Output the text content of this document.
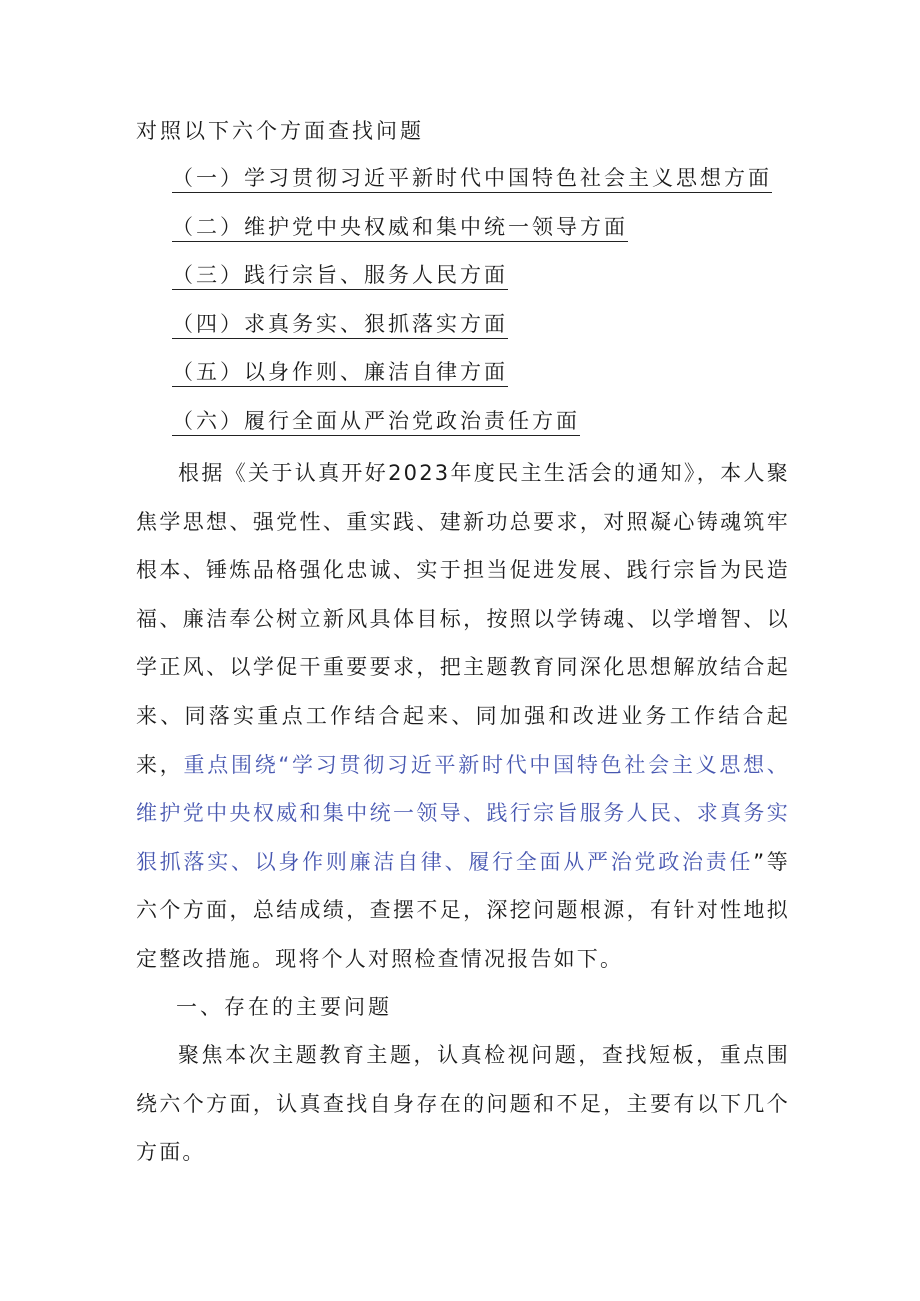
对照以下六个方面查找问题
（一）学习贯彻习近平新时代中国特色社会主义思想方面
（二）维护党中央权威和集中统一领导方面
（三）践行宗旨、服务人民方面
（四）求真务实、狠抓落实方面
（五）以身作则、廉洁自律方面
（六）履行全面从严治党政治责任方面

根据《关于认真开好2023年度民主生活会的通知》，本人聚焦学思想、强党性、重实践、建新功总要求，对照凝心铸魂筑牢根本、锤炼品格强化忠诚、实于担当促进发展、践行宗旨为民造福、廉洁奉公树立新风具体目标，按照以学铸魂、以学增智、以学正风、以学促干重要要求，把主题教育同深化思想解放结合起来、同落实重点工作结合起来、同加强和改进业务工作结合起来，重点围绕“学习贯彻习近平新时代中国特色社会主义思想、维护党中央权威和集中统一领导、践行宗旨服务人民、求真务实狠抓落实、以身作则廉洁自律、履行全面从严治党政治责任”等六个方面，总结成绩，查摆不足，深挖问题根源，有针对性地拟定整改措施。现将个人对照检查情况报告如下。

一、存在的主要问题

聚焦本次主题教育主题，认真检视问题，查找短板，重点围绕六个方面，认真查找自身存在的问题和不足，主要有以下几个方面。
